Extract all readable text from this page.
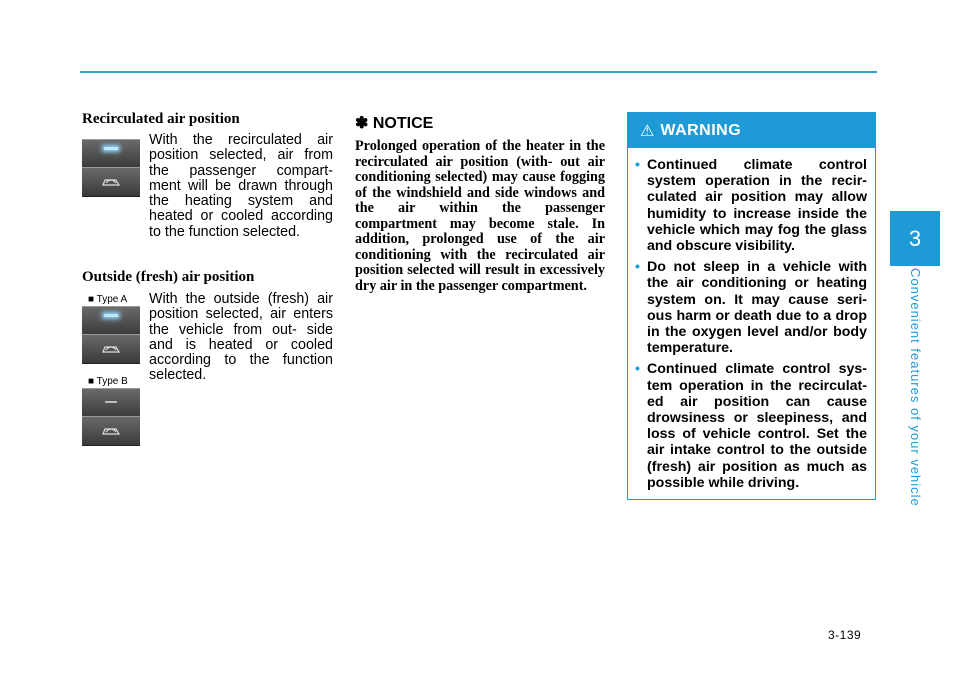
3
Convenient features of your vehicle
Recirculated air position
With the recirculated air position selected, air from the passenger compart- ment will be drawn through the heating system and heated or cooled according to the function selected.
Outside (fresh) air position
■ Type A
■ Type B
With the outside (fresh) air position selected, air enters the vehicle from out- side and is heated or cooled according to the function selected.
✽ NOTICE
Prolonged operation of the heater in the recirculated air position (with- out air conditioning selected) may cause fogging of the windshield and side windows and the air within the passenger compartment may become stale. In addition, prolonged use of the air conditioning with the recirculated air position selected will result in excessively dry air in the passenger compartment.
⚠ WARNING
• Continued climate control system operation in the recir- culated air position may allow humidity to increase inside the vehicle which may fog the glass and obscure visibility.
• Do not sleep in a vehicle with the air conditioning or heating system on. It may cause seri- ous harm or death due to a drop in the oxygen level and/or body temperature.
• Continued climate control sys- tem operation in the recirculat- ed air position can cause drowsiness or sleepiness, and loss of vehicle control. Set the air intake control to the outside (fresh) air position as much as possible while driving.
3-139
